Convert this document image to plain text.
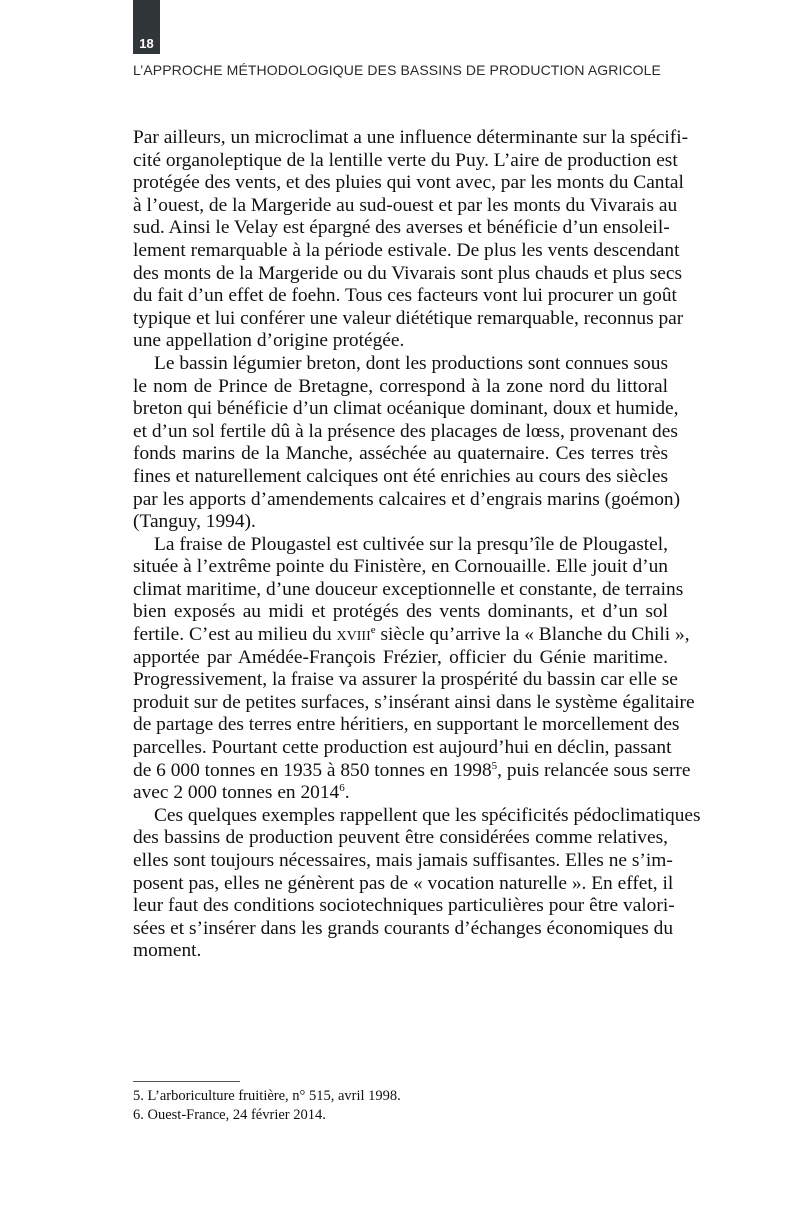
18
L’APPROCHE MÉTHODOLOGIQUE DES BASSINS DE PRODUCTION AGRICOLE
Par ailleurs, un microclimat a une influence déterminante sur la spécifi-
cité organoleptique de la lentille verte du Puy. L’aire de production est
protégée des vents, et des pluies qui vont avec, par les monts du Cantal
à l’ouest, de la Margeride au sud-ouest et par les monts du Vivarais au
sud. Ainsi le Velay est épargné des averses et bénéficie d’un ensoleil-
lement remarquable à la période estivale. De plus les vents descendant
des monts de la Margeride ou du Vivarais sont plus chauds et plus secs
du fait d’un effet de foehn. Tous ces facteurs vont lui procurer un goût
typique et lui conférer une valeur diététique remarquable, reconnus par
une appellation d’origine protégée.
Le bassin légumier breton, dont les productions sont connues sous
le nom de Prince de Bretagne, correspond à la zone nord du littoral
breton qui bénéficie d’un climat océanique dominant, doux et humide,
et d’un sol fertile dû à la présence des placages de lœss, provenant des
fonds marins de la Manche, asséchée au quaternaire. Ces terres très
fines et naturellement calciques ont été enrichies au cours des siècles
par les apports d’amendements calcaires et d’engrais marins (goémon)
(Tanguy, 1994).
La fraise de Plougastel est cultivée sur la presqu’île de Plougastel,
située à l’extrême pointe du Finistère, en Cornouaille. Elle jouit d’un
climat maritime, d’une douceur exceptionnelle et constante, de terrains
bien exposés au midi et protégés des vents dominants, et d’un sol
fertile. C’est au milieu du xviii$^e$ siècle qu’arrive la « Blanche du Chili »,
apportée par Amédée-François Frézier, officier du Génie maritime.
Progressivement, la fraise va assurer la prospérité du bassin car elle se
produit sur de petites surfaces, s’insérant ainsi dans le système égalitaire
de partage des terres entre héritiers, en supportant le morcellement des
parcelles. Pourtant cette production est aujourd’hui en déclin, passant
de 6 000 tonnes en 1935 à 850 tonnes en 1998$^5$, puis relancée sous serre
avec 2 000 tonnes en 2014$^6$.
Ces quelques exemples rappellent que les spécificités pédoclimatiques
des bassins de production peuvent être considérées comme relatives,
elles sont toujours nécessaires, mais jamais suffisantes. Elles ne s’im-
posent pas, elles ne génèrent pas de « vocation naturelle ». En effet, il
leur faut des conditions sociotechniques particulières pour être valori-
sées et s’insérer dans les grands courants d’échanges économiques du
moment.
5. L’arboriculture fruitière, n° 515, avril 1998.
6. Ouest-France, 24 février 2014.
